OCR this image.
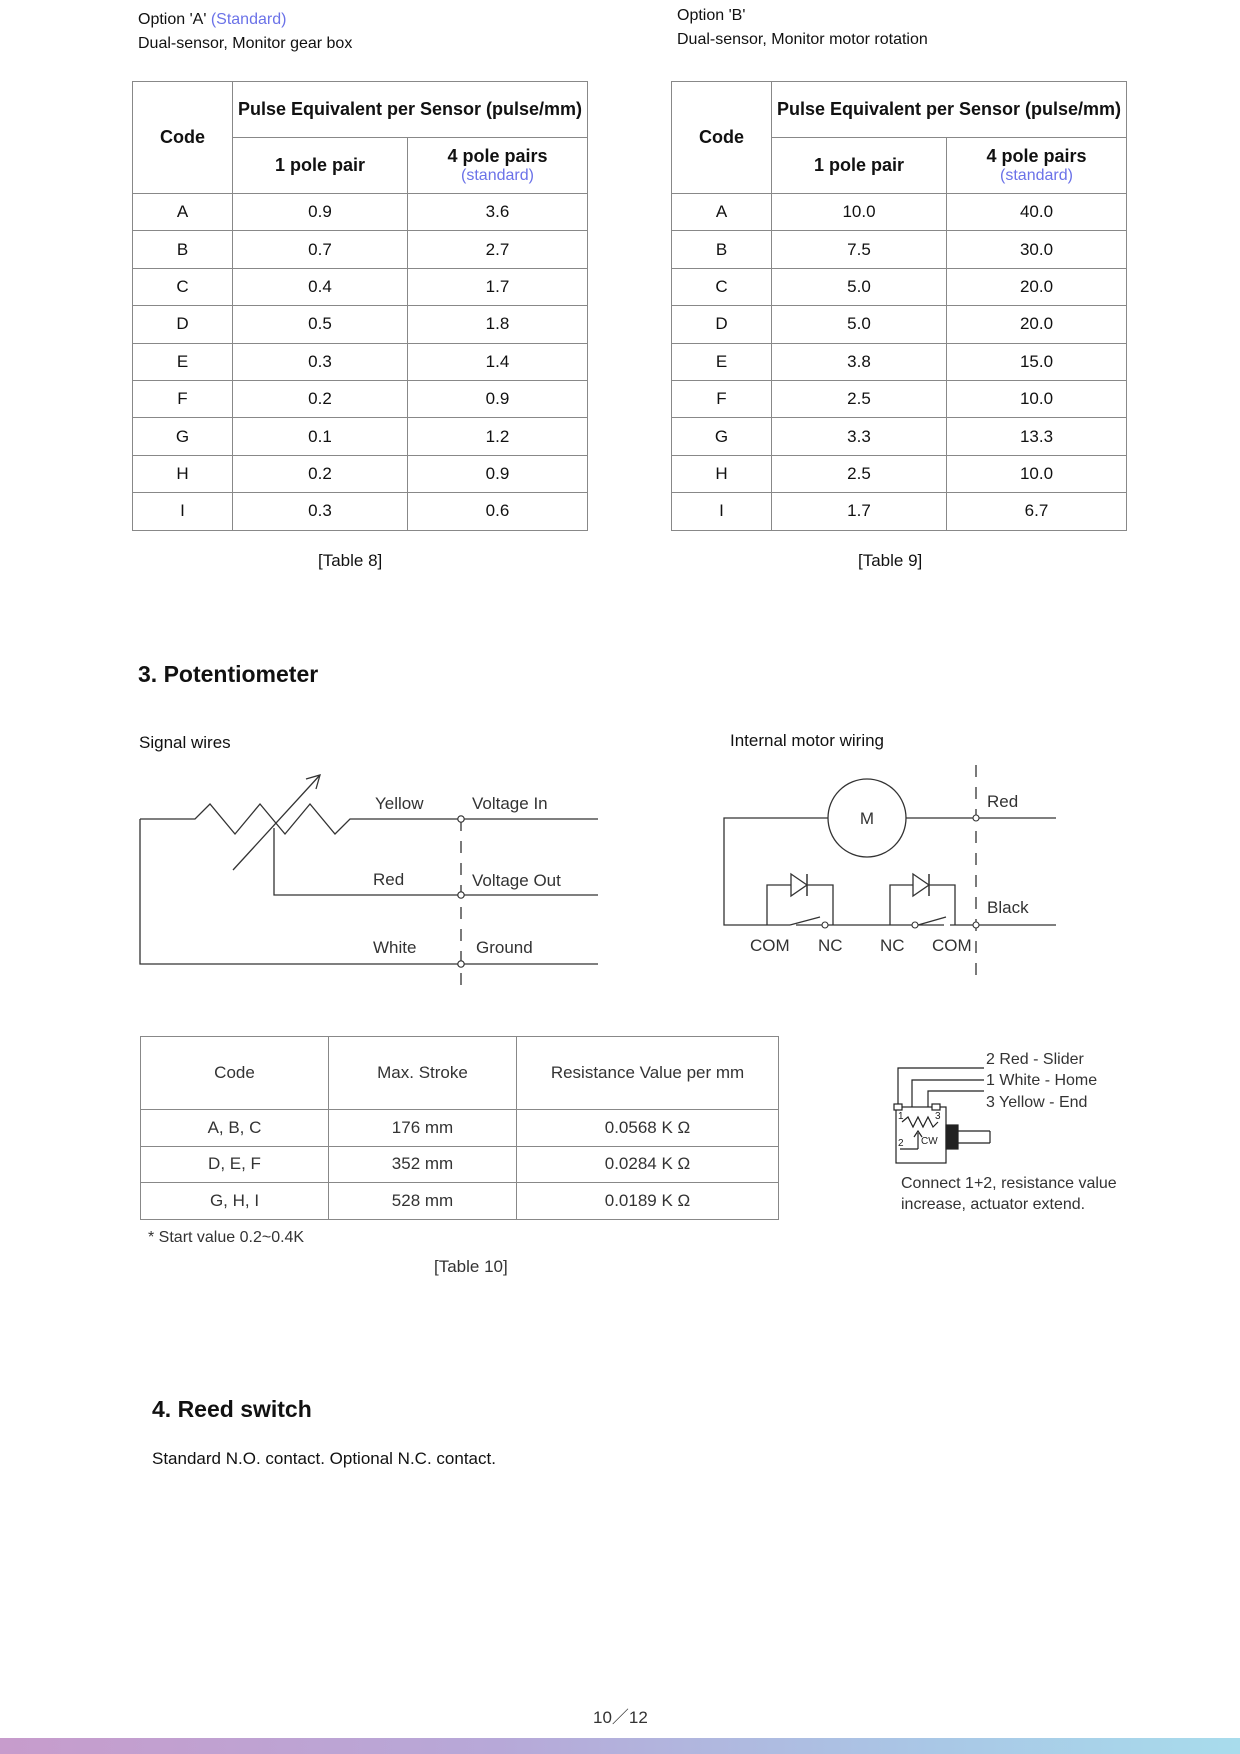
Option 'A' (Standard)
Dual-sensor, Monitor gear box
Option 'B'
Dual-sensor, Monitor motor rotation
Code	Pulse Equivalent per Sensor (pulse/mm)	
	1 pole pair	4 pole pairs
(standard)

A	0.9	3.6
B	0.7	2.7
C	0.4	1.7
D	0.5	1.8
E	0.3	1.4
F	0.2	0.9
G	0.1	1.2
H	0.2	0.9
I	0.3	0.6
[Table 8]
Code	Pulse Equivalent per Sensor (pulse/mm)	
	1 pole pair	4 pole pairs
(standard)

A	10.0	40.0
B	7.5	30.0
C	5.0	20.0
D	5.0	20.0
E	3.8	15.0
F	2.5	10.0
G	3.3	13.3
H	2.5	10.0
I	1.7	6.7
[Table 9]
3. Potentiometer
Signal wires	Internal motor wiring
Yellow
Red
White
Voltage In
Voltage Out
Ground
M
Red
Black
COM NC NC COM
Code	Max. Stroke	Resistance Value per mm
A, B, C	176 mm	0.0568 K Ω
D, E, F	352 mm	0.0284 K Ω
G, H, I	528 mm	0.0189 K Ω
* Start value 0.2~0.4K
[Table 10]
1
2
3
CW
2 Red - Slider
1 White - Home
3 Yellow - End
Connect 1+2, resistance value
increase, actuator extend.
4. Reed switch
Standard N.O. contact. Optional N.C. contact.
10／12
